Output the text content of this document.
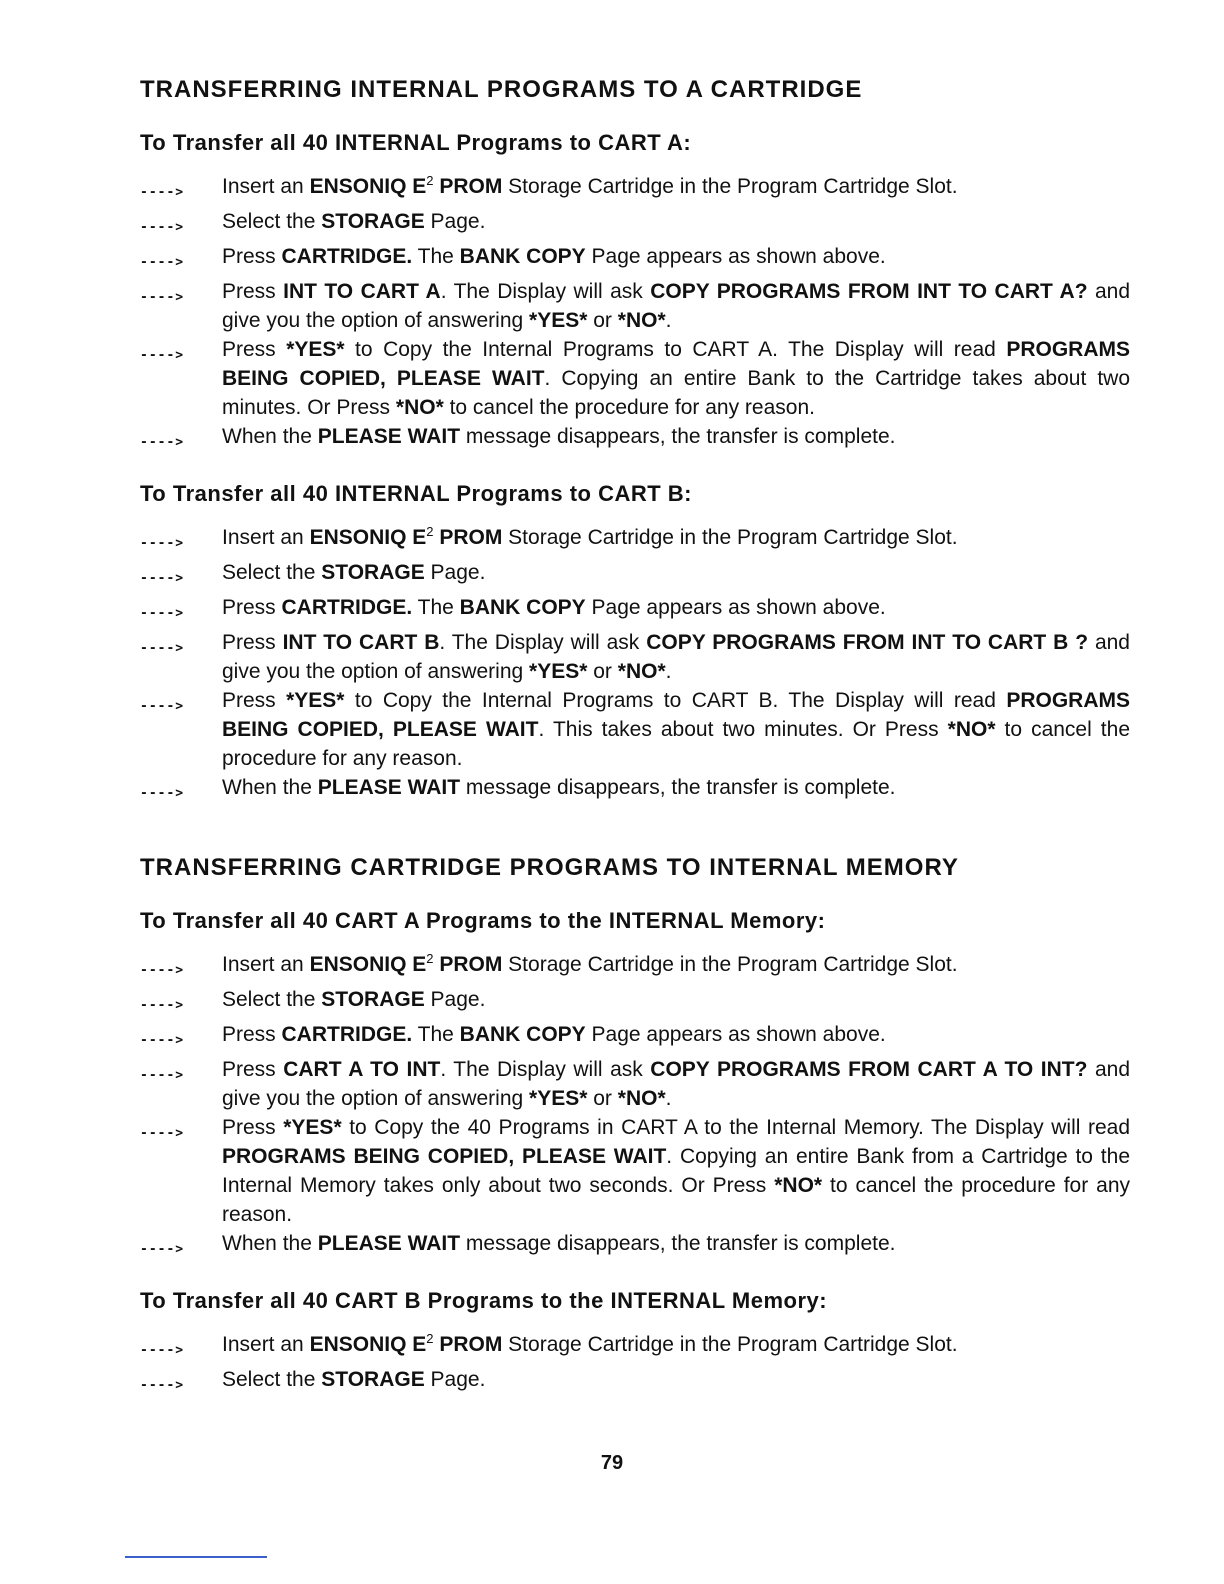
TRANSFERRING INTERNAL PROGRAMS TO A CARTRIDGE
To Transfer all 40 INTERNAL Programs to CART A:
---->	Insert an ENSONIQ $E^2$ PROM Storage Cartridge in the Program Cartridge Slot.
---->	Select the STORAGE Page.
---->	Press CARTRIDGE. The BANK COPY Page appears as shown above.
---->	Press INT TO CART A. The Display will ask COPY PROGRAMS FROM INT TO CART A? and give you the option of answering *YES* or *NO*.
---->	Press *YES* to Copy the Internal Programs to CART A. The Display will read PROGRAMS BEING COPIED, PLEASE WAIT. Copying an entire Bank to the Cartridge takes about two minutes. Or Press *NO* to cancel the procedure for any reason.
---->	When the PLEASE WAIT message disappears, the transfer is complete.
To Transfer all 40 INTERNAL Programs to CART B:
---->	Insert an ENSONIQ $E^2$ PROM Storage Cartridge in the Program Cartridge Slot.
---->	Select the STORAGE Page.
---->	Press CARTRIDGE. The BANK COPY Page appears as shown above.
---->	Press INT TO CART B. The Display will ask COPY PROGRAMS FROM INT TO CART B ? and give you the option of answering *YES* or *NO*.
---->	Press *YES* to Copy the Internal Programs to CART B. The Display will read PROGRAMS BEING COPIED, PLEASE WAIT. This takes about two minutes. Or Press *NO* to cancel the procedure for any reason.
---->	When the PLEASE WAIT message disappears, the transfer is complete.
TRANSFERRING CARTRIDGE PROGRAMS TO INTERNAL MEMORY
To Transfer all 40 CART A Programs to the INTERNAL Memory:
---->	Insert an ENSONIQ $E^2$ PROM Storage Cartridge in the Program Cartridge Slot.
---->	Select the STORAGE Page.
---->	Press CARTRIDGE. The BANK COPY Page appears as shown above.
---->	Press CART A TO INT. The Display will ask COPY PROGRAMS FROM CART A TO INT? and give you the option of answering *YES* or *NO*.
---->	Press *YES* to Copy the 40 Programs in CART A to the Internal Memory. The Display will read PROGRAMS BEING COPIED, PLEASE WAIT. Copying an entire Bank from a Cartridge to the Internal Memory takes only about two seconds. Or Press *NO* to cancel the procedure for any reason.
---->	When the PLEASE WAIT message disappears, the transfer is complete.
To Transfer all 40 CART B Programs to the INTERNAL Memory:
---->	Insert an ENSONIQ $E^2$ PROM Storage Cartridge in the Program Cartridge Slot.
---->	Select the STORAGE Page.
79
